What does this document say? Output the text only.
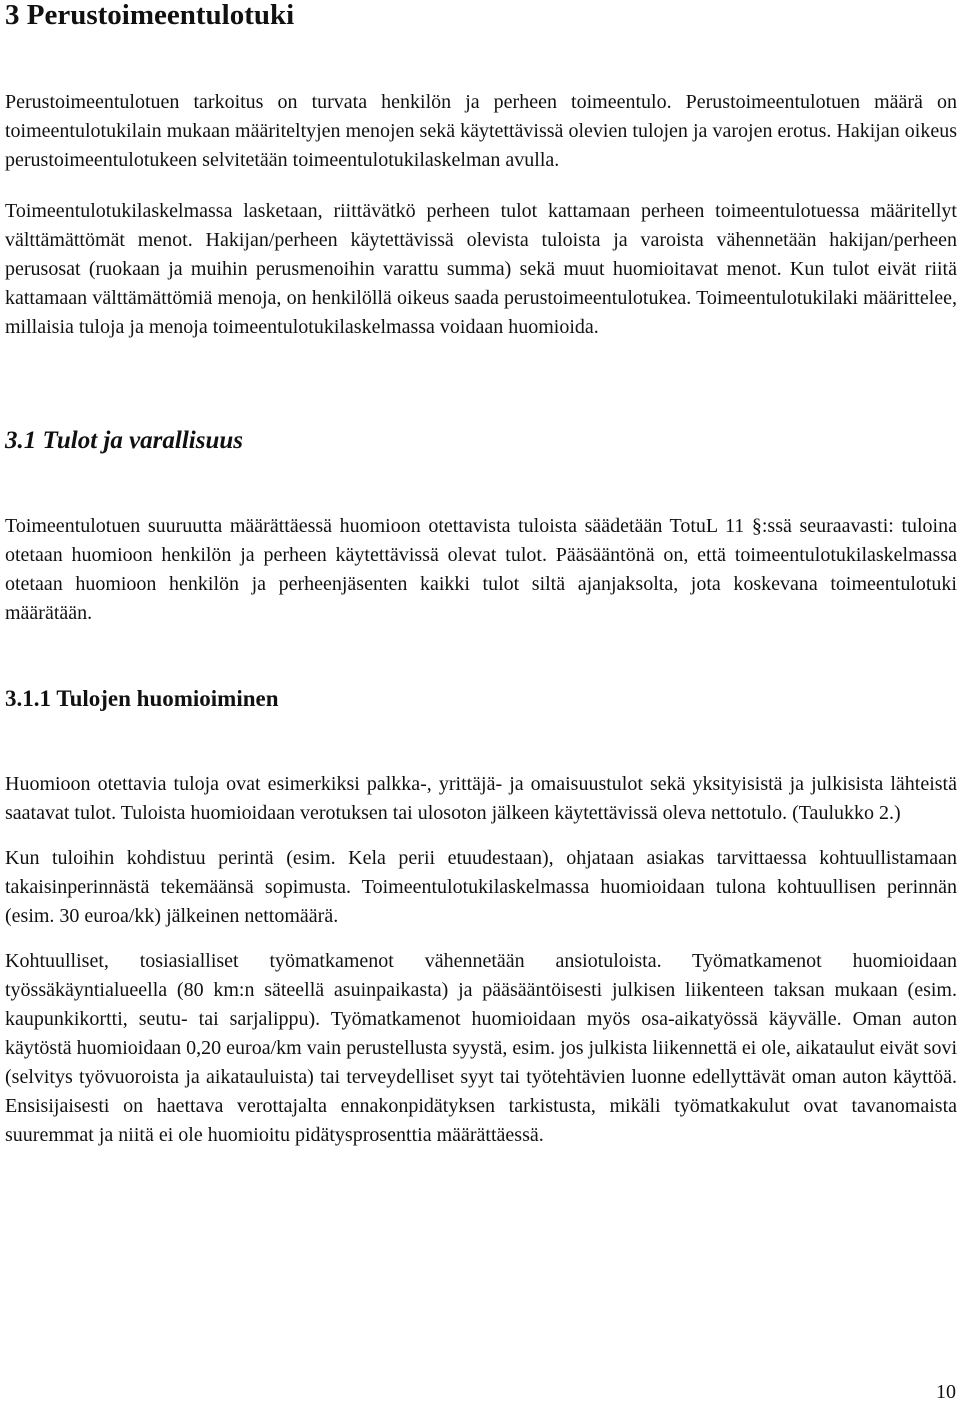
3 Perustoimeentulotuki

Perustoimeentulotuen tarkoitus on turvata henkilön ja perheen toimeentulo. Perustoimeentulotuen määrä on toimeentulotukilain mukaan määriteltyjen menojen sekä käytettävissä olevien tulojen ja varojen erotus. Hakijan oikeus perustoimeentulotukeen selvitetään toimeentulotukilaskelman avulla.

Toimeentulotukilaskelmassa lasketaan, riittävätkö perheen tulot kattamaan perheen toimeentulotuessa määritellyt välttämättömät menot. Hakijan/perheen käytettävissä olevista tuloista ja varoista vähennetään hakijan/perheen perusosat (ruokaan ja muihin perusmenoihin varattu summa) sekä muut huomioitavat menot. Kun tulot eivät riitä kattamaan välttämättömiä menoja, on henkilöllä oikeus saada perustoimeentulotukea. Toimeentulotukilaki määrittelee, millaisia tuloja ja menoja toimeentulotukilaskelmassa voidaan huomioida.

3.1 Tulot ja varallisuus

Toimeentulotuen suuruutta määrättäessä huomioon otettavista tuloista säädetään TotuL 11 §:ssä seuraavasti: tuloina otetaan huomioon henkilön ja perheen käytettävissä olevat tulot. Pääsääntönä on, että toimeentulotukilaskelmassa otetaan huomioon henkilön ja perheenjäsenten kaikki tulot siltä ajanjaksolta, jota koskevana toimeentulotuki määrätään.

3.1.1 Tulojen huomioiminen

Huomioon otettavia tuloja ovat esimerkiksi palkka-, yrittäjä- ja omaisuustulot sekä yksityisistä ja julkisista lähteistä saatavat tulot. Tuloista huomioidaan verotuksen tai ulosoton jälkeen käytettävissä oleva nettotulo. (Taulukko 2.)

Kun tuloihin kohdistuu perintä (esim. Kela perii etuudestaan), ohjataan asiakas tarvittaessa kohtuullistamaan takaisinperinnästä tekemäänsä sopimusta. Toimeentulotukilaskelmassa huomioidaan tulona kohtuullisen perinnän (esim. 30 euroa/kk) jälkeinen nettomäärä.

Kohtuulliset, tosiasialliset työmatkamenot vähennetään ansiotuloista. Työmatkamenot huomioidaan työssäkäyntialueella (80 km:n säteellä asuinpaikasta) ja pääsääntöisesti julkisen liikenteen taksan mukaan (esim. kaupunkikortti, seutu- tai sarjalippu). Työmatkamenot huomioidaan myös osa-aikatyössä käyvälle. Oman auton käytöstä huomioidaan 0,20 euroa/km vain perustellusta syystä, esim. jos julkista liikennettä ei ole, aikataulut eivät sovi (selvitys työvuoroista ja aikatauluista) tai terveydelliset syyt tai työtehtävien luonne edellyttävät oman auton käyttöä. Ensisijaisesti on haettava verottajalta ennakonpidätyksen tarkistusta, mikäli työmatkakulut ovat tavanomaista suuremmat ja niitä ei ole huomioitu pidätysprosenttia määrättäessä.

10
